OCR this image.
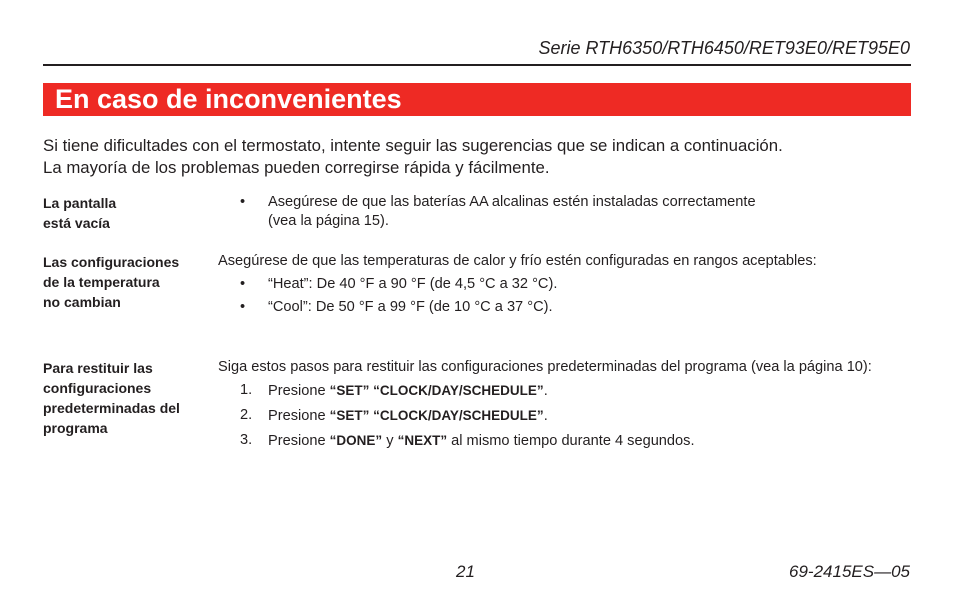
Serie RTH6350/RTH6450/RET93E0/RET95E0
En caso de inconvenientes
Si tiene dificultades con el termostato, intente seguir las sugerencias que se indican a continuación.
La mayoría de los problemas pueden corregirse rápida y fácilmente.
La pantalla
está vacía
• Asegúrese de que las baterías AA alcalinas estén instaladas correctamente
(vea la página 15).
Las configuraciones
de la temperatura
no cambian
Asegúrese de que las temperaturas de calor y frío estén configuradas en rangos aceptables:
• “Heat”: De 40 °F a 90 °F (de 4,5 °C a 32 °C).
• “Cool”: De 50 °F a 99 °F (de 10 °C a 37 °C).
Para restituir las
configuraciones
predeterminadas del
programa
Siga estos pasos para restituir las configuraciones predeterminadas del programa (vea la página 10):
1. Presione “SET” “CLOCK/DAY/SCHEDULE”.
2. Presione “SET” “CLOCK/DAY/SCHEDULE”.
3. Presione “DONE” y “NEXT” al mismo tiempo durante 4 segundos.
21	69-2415ES—05
